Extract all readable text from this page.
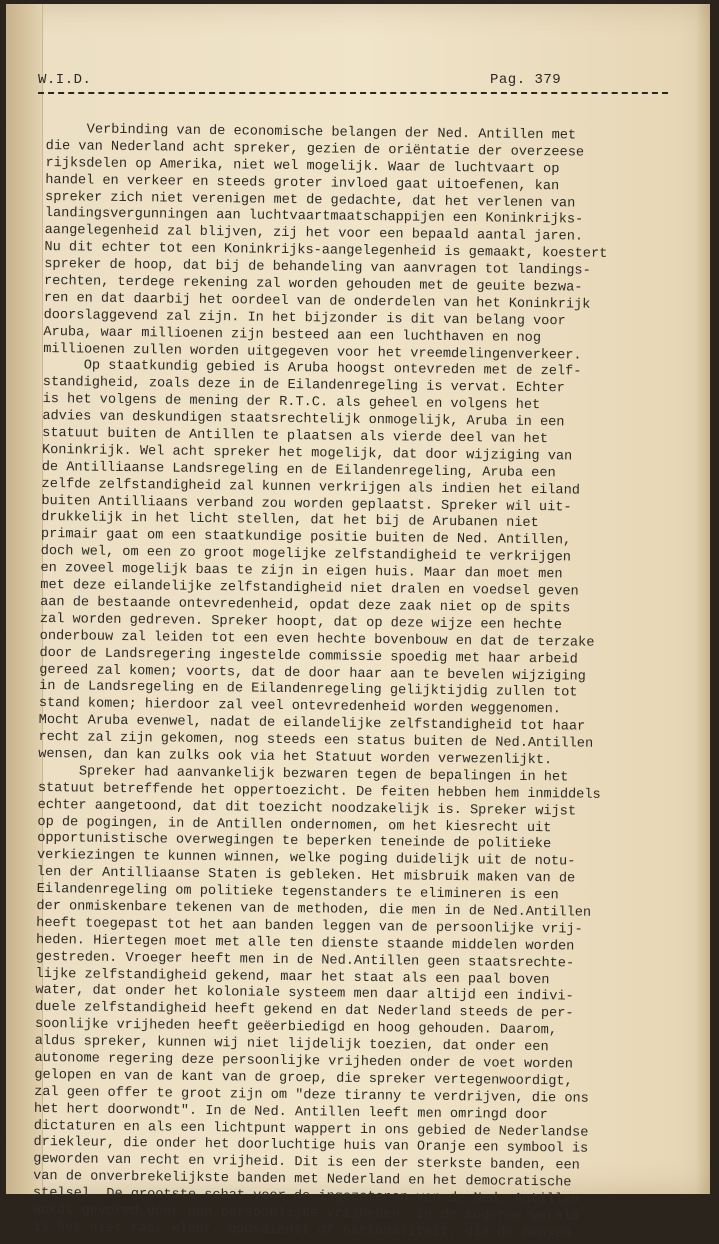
W.I.D.	Pag. 379
Verbinding van de economische belangen der Ned. Antillen met
die van Nederland acht spreker, gezien de oriëntatie der overzeese
rijksdelen op Amerika, niet wel mogelijk. Waar de luchtvaart op
handel en verkeer en steeds groter invloed gaat uitoefenen, kan
spreker zich niet verenigen met de gedachte, dat het verlenen van
landingsvergunningen aan luchtvaartmaatschappijen een Koninkrijks-
aangelegenheid zal blijven, zij het voor een bepaald aantal jaren.
Nu dit echter tot een Koninkrijks-aangelegenheid is gemaakt, koestert
spreker de hoop, dat bij de behandeling van aanvragen tot landings-
rechten, terdege rekening zal worden gehouden met de geuite bezwa-
ren en dat daarbij het oordeel van de onderdelen van het Koninkrijk
doorslaggevend zal zijn. In het bijzonder is dit van belang voor
Aruba, waar millioenen zijn besteed aan een luchthaven en nog
millioenen zullen worden uitgegeven voor het vreemdelingenverkeer.
Op staatkundig gebied is Aruba hoogst ontevreden met de zelf-
standigheid, zoals deze in de Eilandenregeling is vervat. Echter
is het volgens de mening der R.T.C. als geheel en volgens het
advies van deskundigen staatsrechtelijk onmogelijk, Aruba in een
statuut buiten de Antillen te plaatsen als vierde deel van het
Koninkrijk. Wel acht spreker het mogelijk, dat door wijziging van
de Antilliaanse Landsregeling en de Eilandenregeling, Aruba een
zelfde zelfstandigheid zal kunnen verkrijgen als indien het eiland
buiten Antilliaans verband zou worden geplaatst. Spreker wil uit-
drukkelijk in het licht stellen, dat het bij de Arubanen niet
primair gaat om een staatkundige positie buiten de Ned. Antillen,
doch wel, om een zo groot mogelijke zelfstandigheid te verkrijgen
en zoveel mogelijk baas te zijn in eigen huis. Maar dan moet men
met deze eilandelijke zelfstandigheid niet dralen en voedsel geven
aan de bestaande ontevredenheid, opdat deze zaak niet op de spits
zal worden gedreven. Spreker hoopt, dat op deze wijze een hechte
onderbouw zal leiden tot een even hechte bovenbouw en dat de terzake
door de Landsregering ingestelde commissie spoedig met haar arbeid
gereed zal komen; voorts, dat de door haar aan te bevelen wijziging
in de Landsregeling en de Eilandenregeling gelijktijdig zullen tot
stand komen; hierdoor zal veel ontevredenheid worden weggenomen.
Mocht Aruba evenwel, nadat de eilandelijke zelfstandigheid tot haar
recht zal zijn gekomen, nog steeds een status buiten de Ned.Antillen
wensen, dan kan zulks ook via het Statuut worden verwezenlijkt.
Spreker had aanvankelijk bezwaren tegen de bepalingen in het
statuut betreffende het oppertoezicht. De feiten hebben hem inmiddels
echter aangetoond, dat dit toezicht noodzakelijk is. Spreker wijst
op de pogingen, in de Antillen ondernomen, om het kiesrecht uit
opportunistische overwegingen te beperken teneinde de politieke
verkiezingen te kunnen winnen, welke poging duidelijk uit de notu-
len der Antilliaanse Staten is gebleken. Het misbruik maken van de
Eilandenregeling om politieke tegenstanders te elimineren is een
der onmiskenbare tekenen van de methoden, die men in de Ned.Antillen
heeft toegepast tot het aan banden leggen van de persoonlijke vrij-
heden. Hiertegen moet met alle ten dienste staande middelen worden
gestreden. Vroeger heeft men in de Ned.Antillen geen staatsrechte-
lijke zelfstandigheid gekend, maar het staat als een paal boven
water, dat onder het koloniale systeem men daar altijd een indivi-
duele zelfstandigheid heeft gekend en dat Nederland steeds de per-
soonlijke vrijheden heeft geëerbiedigd en hoog gehouden. Daarom,
aldus spreker, kunnen wij niet lijdelijk toezien, dat onder een
autonome regering deze persoonlijke vrijheden onder de voet worden
gelopen en van de kant van de groep, die spreker vertegenwoordigt,
zal geen offer te groot zijn om "deze tiranny te verdrijven, die ons
het hert doorwondt". In de Ned. Antillen leeft men omringd door
dictaturen en als een lichtpunt wappert in ons gebied de Nederlandse
driekleur, die onder het doorluchtige huis van Oranje een symbool is
geworden van recht en vrijheid. Dit is een der sterkste banden, een
van de onverbrekelijkste banden met Nederland en het democratische
stelsel. De grootste schat voor de ingezetenen van de Ned. Antillen
wordt gevormd door hun persoonlijke vrijheden. In de moderne wereld
is het niet ras, kleur, godsdienst of nationaliteit, die de mensen
